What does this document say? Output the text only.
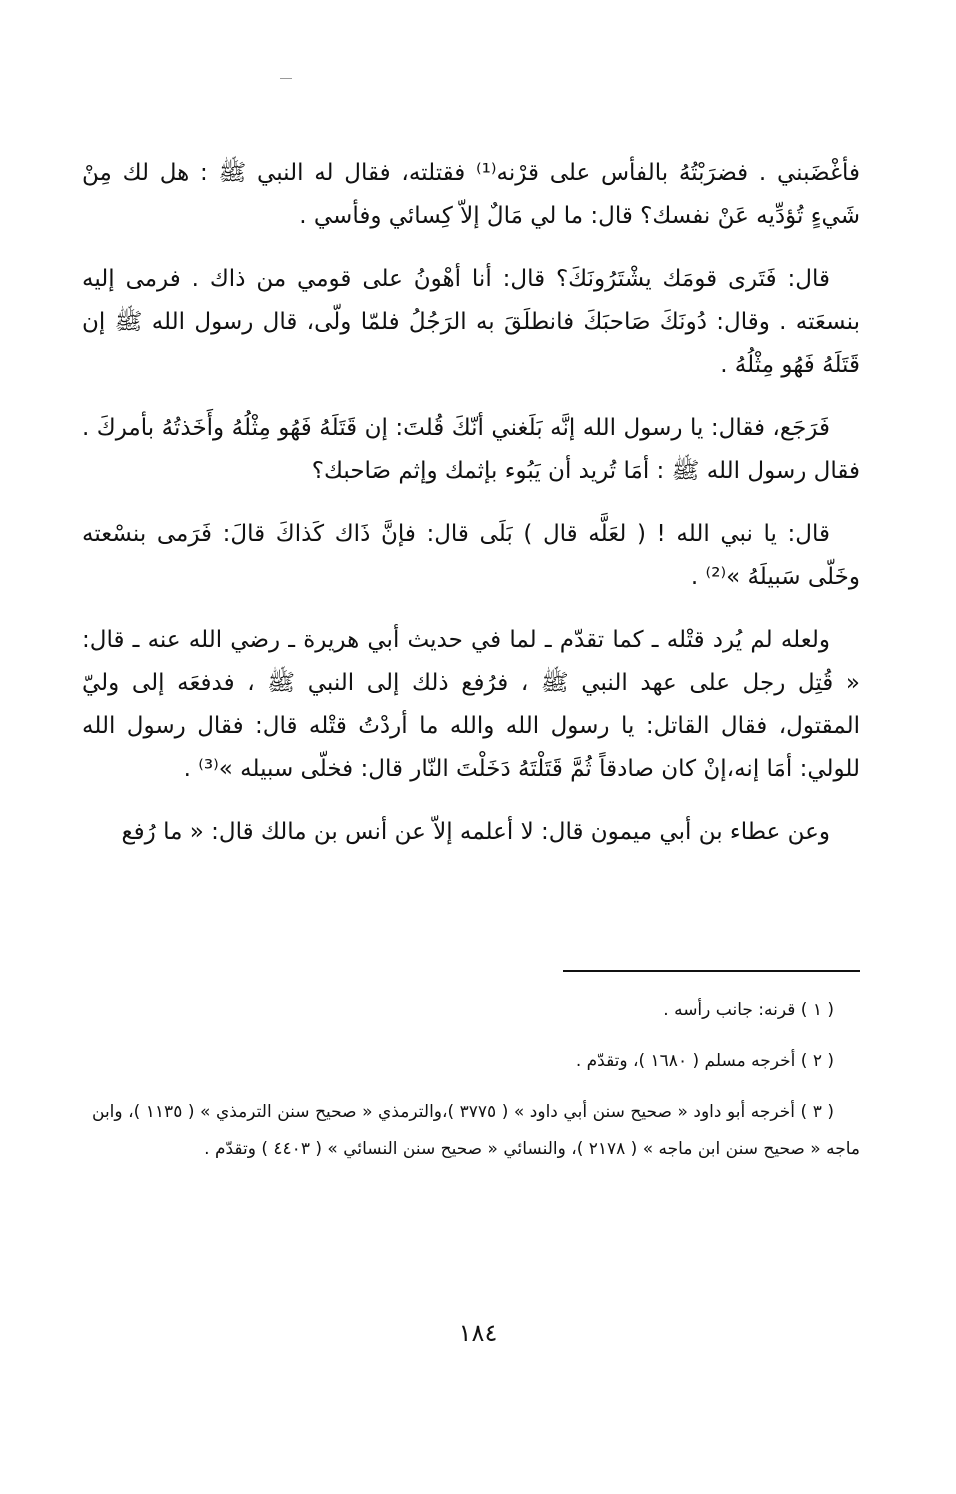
فأغْضَبني . فضرَبْتُهُ بالفأس على قرْنه⁽¹⁾ فقتلته، فقال له النبي ﷺ : هل لك مِنْ شَيءٍ تُؤدِّيه عَنْ نفسك؟ قال: ما لي مَالٌ إلاّ كِسائي وفأسي .

قال: فَتَرى قومَك يشْتَرُونَكَ؟ قال: أنا أهْونُ على قومي من ذاك . فرمى إليه بنسعَته . وقال: دُونَكَ صَاحبَكَ فانطلَقَ به الرَجُلُ فلمّا ولّى، قال رسول الله ﷺ إن قَتَلَهُ فَهُو مِثْلُهُ .

فَرَجَع، فقال: يا رسول الله إنَّه بَلَغني أنّكَ قُلتَ: إن قَتَلَهُ فَهُو مِثْلُهُ وأَخَذتُهُ بأمركَ . فقال رسول الله ﷺ : أمَا تُريد أن يَبُوء بإثمك وإثم صَاحبك؟

قال: يا نبي الله ! ( لعَلَّه قال ) بَلَى قال: فإنَّ ذَاك كَذاكَ قالَ: فَرَمى بنسْعته وخَلّى سَبيلَهُ »⁽²⁾ .

ولعله لم يُرد قتْله ـ كما تقدّم ـ لما في حديث أبي هريرة ـ رضي الله عنه ـ قال: « قُتِل رجل على عهد النبي ﷺ ، فرُفع ذلك إلى النبي ﷺ ، فدفعَه إلى وليّ المقتول، فقال القاتل: يا رسول الله والله ما أردْتُ قتْله قال: فقال رسول الله للولي: أمَا إنه،إنْ كان صادقاً ثُمَّ قَتَلْتَهُ دَخَلْتَ النّار قال: فخلّى سبيله »⁽³⁾ .

وعن عطاء بن أبي ميمون قال: لا أعلمه إلاّ عن أنس بن مالك قال: « ما رُفع

( ١ ) قرنه: جانب رأسه .

( ٢ ) أخرجه مسلم ( ١٦٨٠ )، وتقدّم .

( ٣ ) أخرجه أبو داود « صحيح سنن أبي داود » ( ٣٧٧٥ )،والترمذي « صحيح سنن الترمذي » ( ١١٣٥ )، وابن ماجه « صحيح سنن ابن ماجه » ( ٢١٧٨ )، والنسائي « صحيح سنن النسائي » ( ٤٤٠٣ ) وتقدّم .

١٨٤
